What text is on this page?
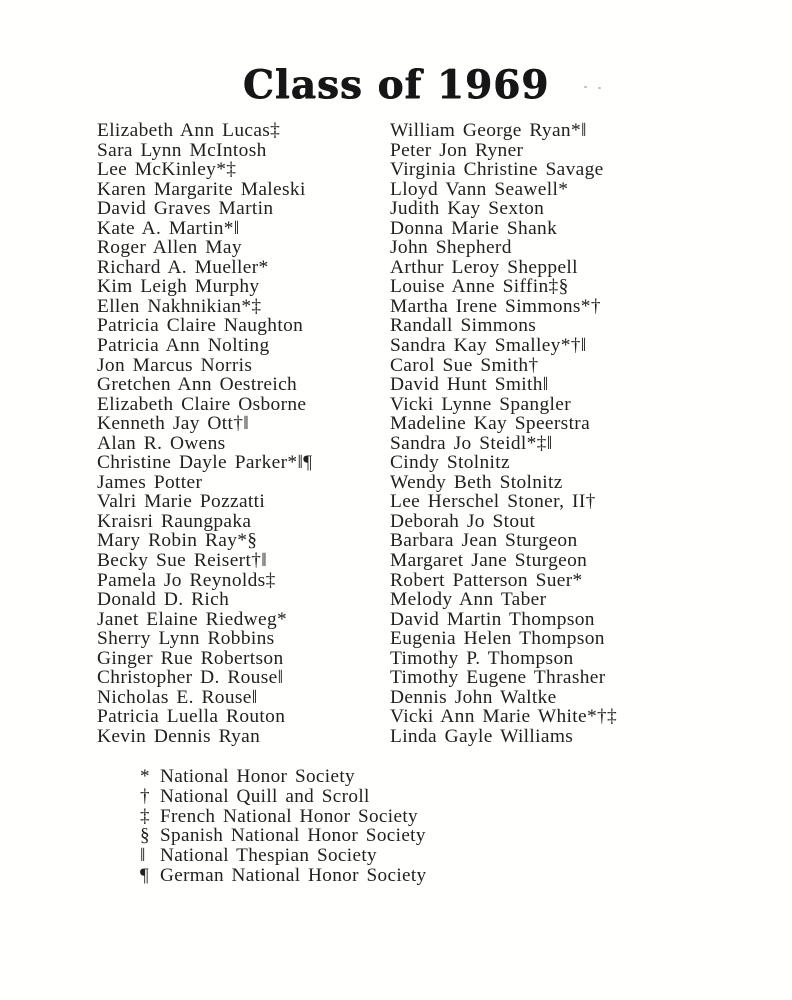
Class of 1969
Elizabeth Ann Lucas‡
Sara Lynn McIntosh
Lee McKinley*‡
Karen Margarite Maleski
David Graves Martin
Kate A. Martin*‖
Roger Allen May
Richard A. Mueller*
Kim Leigh Murphy
Ellen Nakhnikian*‡
Patricia Claire Naughton
Patricia Ann Nolting
Jon Marcus Norris
Gretchen Ann Oestreich
Elizabeth Claire Osborne
Kenneth Jay Ott†‖
Alan R. Owens
Christine Dayle Parker*‖¶
James Potter
Valri Marie Pozzatti
Kraisri Raungpaka
Mary Robin Ray*§
Becky Sue Reisert†‖
Pamela Jo Reynolds‡
Donald D. Rich
Janet Elaine Riedweg*
Sherry Lynn Robbins
Ginger Rue Robertson
Christopher D. Rouse‖
Nicholas E. Rouse‖
Patricia Luella Routon
Kevin Dennis Ryan
William George Ryan*‖
Peter Jon Ryner
Virginia Christine Savage
Lloyd Vann Seawell*
Judith Kay Sexton
Donna Marie Shank
John Shepherd
Arthur Leroy Sheppell
Louise Anne Siffin‡§
Martha Irene Simmons*†
Randall Simmons
Sandra Kay Smalley*†‖
Carol Sue Smith†
David Hunt Smith‖
Vicki Lynne Spangler
Madeline Kay Speerstra
Sandra Jo Steidl*‡‖
Cindy Stolnitz
Wendy Beth Stolnitz
Lee Herschel Stoner, II†
Deborah Jo Stout
Barbara Jean Sturgeon
Margaret Jane Sturgeon
Robert Patterson Suer*
Melody Ann Taber
David Martin Thompson
Eugenia Helen Thompson
Timothy P. Thompson
Timothy Eugene Thrasher
Dennis John Waltke
Vicki Ann Marie White*†‡
Linda Gayle Williams
* National Honor Society
† National Quill and Scroll
‡ French National Honor Society
§ Spanish National Honor Society
‖ National Thespian Society
¶ German National Honor Society
